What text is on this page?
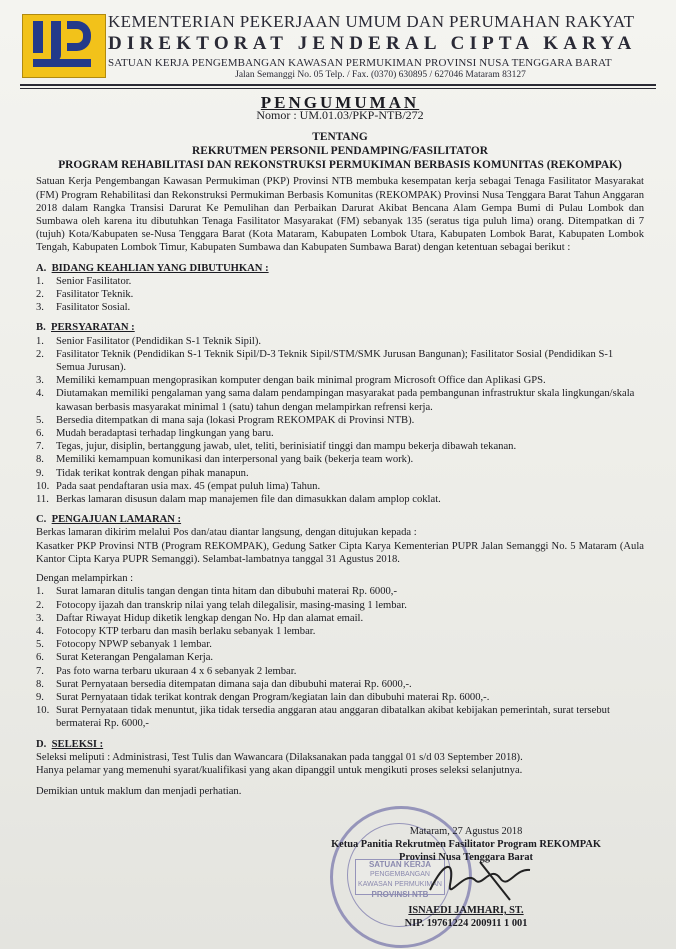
KEMENTERIAN PEKERJAAN UMUM DAN PERUMAHAN RAKYAT
DIREKTORAT JENDERAL CIPTA KARYA
SATUAN KERJA PENGEMBANGAN KAWASAN PERMUKIMAN PROVINSI NUSA TENGGARA BARAT
Jalan Semanggi No. 05 Telp. / Fax. (0370) 630895 / 627046 Mataram 83127
PENGUMUMAN
Nomor : UM.01.03/PKP-NTB/272
TENTANG
REKRUTMEN PERSONIL PENDAMPING/FASILITATOR
PROGRAM REHABILITASI DAN REKONSTRUKSI PERMUKIMAN BERBASIS KOMUNITAS (REKOMPAK)

Satuan Kerja Pengembangan Kawasan Permukiman (PKP) Provinsi NTB membuka kesempatan kerja sebagai Tenaga Fasilitator Masyarakat (FM) Program Rehabilitasi dan Rekonstruksi Permukiman Berbasis Komunitas (REKOMPAK) Provinsi Nusa Tenggara Barat Tahun Anggaran 2018 dalam Rangka Transisi Darurat Ke Pemulihan dan Perbaikan Darurat Akibat Bencana Alam Gempa Bumi di Pulau Lombok dan Sumbawa oleh karena itu dibutuhkan Tenaga Fasilitator Masyarakat (FM) sebanyak 135 (seratus tiga puluh lima) orang. Ditempatkan di 7 (tujuh) Kota/Kabupaten se-Nusa Tenggara Barat (Kota Mataram, Kabupaten Lombok Utara, Kabupaten Lombok Barat, Kabupaten Lombok Tengah, Kabupaten Lombok Timur, Kabupaten Sumbawa dan Kabupaten Sumbawa Barat) dengan ketentuan sebagai berikut :

A. BIDANG KEAHLIAN YANG DIBUTUHKAN :
1.	Senior Fasilitator.
2.	Fasilitator Teknik.
3.	Fasilitator Sosial.
B. PERSYARATAN :
1.	Senior Fasilitator (Pendidikan S-1 Teknik Sipil).
2.	Fasilitator Teknik (Pendidikan S-1 Teknik Sipil/D-3 Teknik Sipil/STM/SMK Jurusan Bangunan); Fasilitator Sosial (Pendidikan S-1 Semua Jurusan).
3.	Memiliki kemampuan mengoprasikan komputer dengan baik minimal program Microsoft Office dan Aplikasi GPS.
4.	Diutamakan memiliki pengalaman yang sama dalam pendampingan masyarakat pada pembangunan infrastruktur skala lingkungan/skala kawasan berbasis masyarakat minimal 1 (satu) tahun dengan melampirkan refrensi kerja.
5.	Bersedia ditempatkan di mana saja (lokasi Program REKOMPAK di Provinsi NTB).
6.	Mudah beradaptasi terhadap lingkungan yang baru.
7.	Tegas, jujur, disiplin, bertanggung jawab, ulet, teliti, berinisiatif tinggi dan mampu bekerja dibawah tekanan.
8.	Memiliki kemampuan komunikasi dan interpersonal yang baik (bekerja team work).
9.	Tidak terikat kontrak dengan pihak manapun.
10. Pada saat pendaftaran usia max. 45 (empat puluh lima) Tahun.
11. Berkas lamaran disusun dalam map manajemen file dan dimasukkan dalam amplop coklat.
C. PENGAJUAN LAMARAN :

Berkas lamaran dikirim melalui Pos dan/atau diantar langsung, dengan ditujukan kepada :

Kasatker PKP Provinsi NTB (Program REKOMPAK), Gedung Satker Cipta Karya Kementerian PUPR Jalan Semanggi No. 5 Mataram (Aula Kantor Cipta Karya PUPR Semanggi). Selambat-lambatnya tanggal 31 Agustus 2018.

Dengan melampirkan :

1.	Surat lamaran ditulis tangan dengan tinta hitam dan dibubuhi materai Rp. 6000,-
2.	Fotocopy ijazah dan transkrip nilai yang telah dilegalisir, masing-masing 1 lembar.
3.	Daftar Riwayat Hidup diketik lengkap dengan No. Hp dan alamat email.
4.	Fotocopy KTP terbaru dan masih berlaku sebanyak 1 lembar.
5.	Fotocopy NPWP sebanyak 1 lembar.
6.	Surat Keterangan Pengalaman Kerja.
7.	Pas foto warna terbaru ukuraan 4 x 6 sebanyak 2 lembar.
8.	Surat Pernyataan bersedia ditempatan dimana saja dan dibubuhi materai Rp. 6000,-.
9.	Surat Pernyataan tidak terikat kontrak dengan Program/kegiatan lain dan dibubuhi materai Rp. 6000,-.
10. Surat Pernyataan tidak menuntut, jika tidak tersedia anggaran atau anggaran dibatalkan akibat kebijakan pemerintah, surat tersebut bermaterai Rp. 6000,-
D. SELEKSI :

Seleksi meliputi : Administrasi, Test Tulis dan Wawancara (Dilaksanakan pada tanggal 01 s/d 03 September 2018).

Hanya pelamar yang memenuhi syarat/kualifikasi yang akan dipanggil untuk mengikuti proses seleksi selanjutnya.

Demikian untuk maklum dan menjadi perhatian.

SATUAN KERJA
PENGEMBANGAN KAWASAN PERMUKIMAN
PROVINSI NTB
Mataram, 27 Agustus 2018
Ketua Panitia Rekrutmen Fasilitator Program REKOMPAK
Provinsi Nusa Tenggara Barat
ISNAEDI JAMHARI, ST.
NIP. 19761224 200911 1 001
